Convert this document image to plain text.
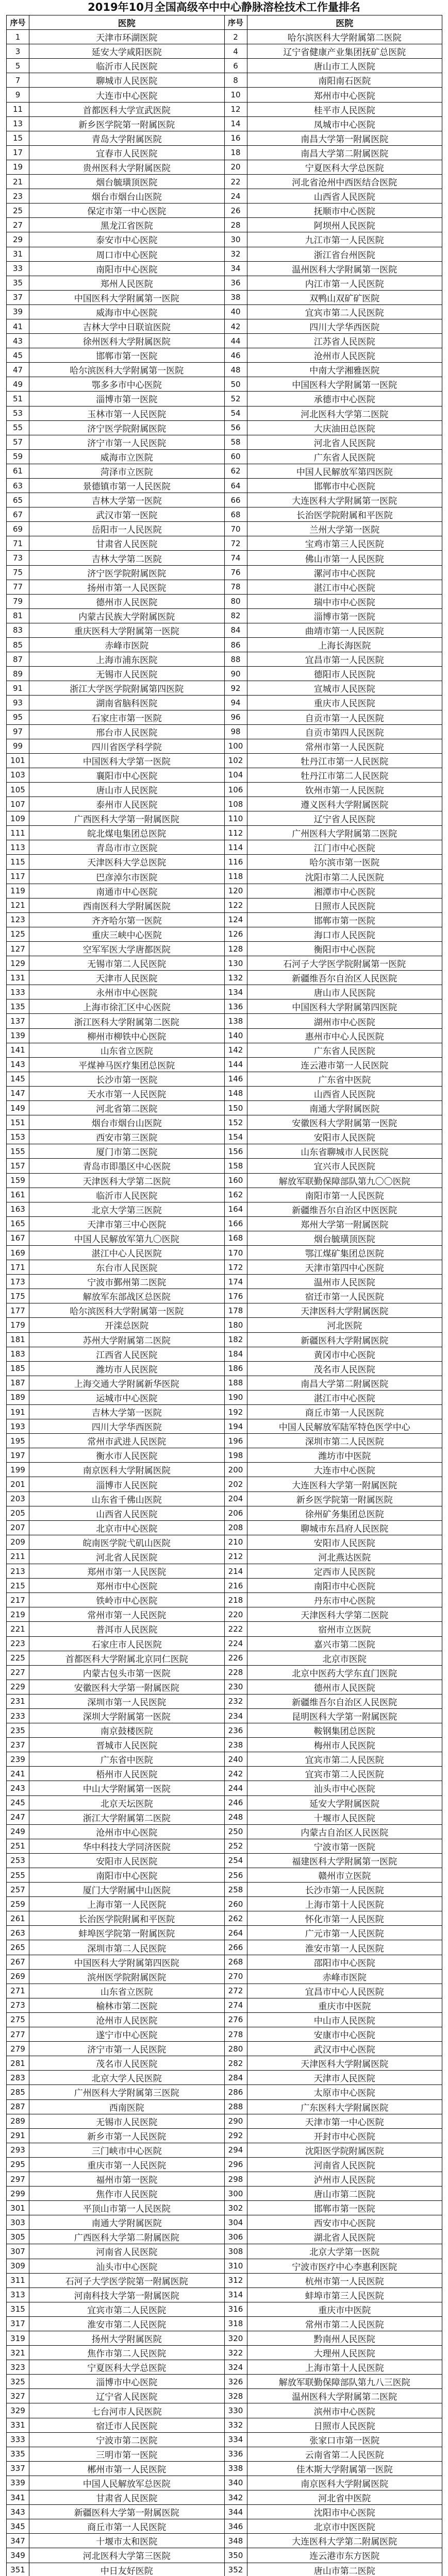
2019年10月全国高级卒中中心静脉溶栓技术工作量排名
序号	医院	序号	医院
1	天津市环湖医院	2	哈尔滨医科大学附属第二医院
3	延安大学咸阳医院	4	辽宁省健康产业集团抚矿总医院
5	临沂市人民医院	6	唐山市工人医院
7	聊城市人民医院	8	南阳南石医院
9	大连市中心医院	10	郑州市中心医院
11	首都医科大学宣武医院	12	桂平市人民医院
13	新乡医学院第一附属医院	14	凤城市中心医院
15	青岛大学附属医院	16	南昌大学第一附属医院
17	宜春市人民医院	18	南昌大学第二附属医院
19	贵州医科大学附属医院	20	宁夏医科大学总医院
21	烟台毓璜顶医院	22	河北省沧州中西医结合医院
23	烟台市烟台山医院	24	山西省人民医院
25	保定市第一中心医院	26	抚顺市中心医院
27	黑龙江省医院	28	阿坝州人民医院
29	泰安市中心医院	30	九江市第一人民医院
31	周口市中心医院	32	浙江省台州医院
33	南阳市中心医院	34	温州医科大学附属第一医院
35	郑州人民医院	36	内江市第一人民医院
37	中国医科大学附属第一医院	38	双鸭山双矿矿医院
39	威海市中心医院	40	宜宾市第二人民医院
41	吉林大学中日联谊医院	42	四川大学华西医院
43	徐州医科大学附属医院	44	江苏省人民医院
45	邯郸市第一医院	46	沧州市人民医院
47	哈尔滨医科大学附属第一医院	48	中南大学湘雅医院
49	鄂多多市中心医院	50	中国医科大学附属第一医院
51	淄博市第一医院	52	承德市中心医院
53	玉林市第一人民医院	54	河北医科大学第二医院
55	济宁医学院附属医院	56	大庆油田总医院
57	济宁市第一人民医院	58	河北省人民医院
59	威海市立医院	60	广东省人民医院
61	菏泽市立医院	62	中国人民解放军第四医院
63	景德镇市第一人民医院	64	邯郸市中心医院
65	吉林大学第一医院	66	大连医科大学附属第一医院
67	武汉市第一医院	68	长治医学院附属和平医院
69	岳阳市一人民医院	70	兰州大学第一医院
71	甘肃省人民医院	72	宝鸡市第三人民医院
73	吉林大学第二医院	74	佛山市第一人民医院
75	济宁医学院附属医院	76	漯河市中心医院
77	扬州市第一人民医院	78	湛江市中心医院
79	德州市人民医院	80	瑞中市中心医院
81	内蒙古民族大学附属医院	82	淄博市第一医院
83	重庆医科大学附属第一医院	84	曲靖市第一人民医院
85	赤峰市医院	86	上海长海医院
87	上海市浦东医院	88	宜昌市第一人民医院
89	无锡市人民医院	90	德阳市人民医院
91	浙江大学医学院附属第四医院	92	宣城市人民医院
93	湖南省脑科医院	94	重庆市人民医院
95	石家庄市第一医院	96	自贡市第一人民医院
97	邢台市人民医院	98	自贡市第四人民医院
99	四川省医学科学院	100	常州市第一人民医院
101	中国医科大学第一医院	102	牡丹江市第一人民医院
103	襄阳市中心医院	104	牡丹江市第二人民医院
105	唐山市人民医院	106	钦州市第一人民医院
107	泰州市人民医院	108	遵义医科大学附属医院
109	广西医科大学第一附属医院	110	辽宁省人民医院
111	皖北煤电集团总医院	112	广州医科大学附属第二医院
113	青岛市市立医院	114	江门市中心医院
115	天津医科大学总医院	116	哈尔滨市第一医院
117	巴彦淖尔市医院	118	沈阳市第二人民医院
119	南通市中心医院	120	湘潭市中心医院
121	西南医科大学附属医院	122	日照市人民医院
123	齐齐哈尔第一医院	124	邯郸市第一医院
125	重庆三峡中心医院	126	海口市人民医院
127	空军军医大学唐都医院	128	衡阳市中心医院
129	无锡市第二人民医院	130	石河子大学医学院附属第一医院
131	天津市人民医院	132	新疆维吾尔自治区人民医院
133	永州市中心医院	134	唐山市人民医院
135	上海市徐汇区中心医院	136	中国医科大学附属第四医院
137	浙江医科大学附属第二医院	138	湖州市中心医院
139	柳州市柳铁中心医院	140	惠州市中心人民医院
141	山东省立医院	142	广东省人民医院
143	平煤神马医疗集团总医院	144	连云港市第一人民医院
145	长沙市第一医院	146	广东省中医院
147	天水市第一人民医院	148	山西省人民医院
149	河北省第二医院	150	南通大学附属医院
151	烟台市烟台山医院	152	安徽医科大学附属第一医院
153	西安市第三医院	154	安阳市人民医院
155	厦门市第二医院	156	山东省聊城市人民医院
157	青岛市即墨区中心医院	158	宜兴市人民医院
159	天津医科大学第二医院	160	解放军联勤保障部队第九〇〇医院
161	临沂市人民医院	162	南阳市第一人民医院
163	北京大学第三医院	164	新疆维吾尔自治区中医医院
165	天津市第三中心医院	166	郑州大学第一附属医院
167	中国人民解放军第九〇医院	168	烟台毓璜顶医院
169	湛江中心人民医院	170	鄂江煤矿集团总医院
171	东台市人民医院	172	天津市第四中心医院
173	宁波市鄞州第二医院	174	温州市人民医院
175	解放军东部战区总医院	176	宿迁市第一人民医院
177	哈尔滨医科大学附属第一医院	178	天津医科大学附属医院
179	开滦总医院	180	河北医院
181	苏州大学附属第二医院	182	新疆医科大学附属医院
183	江西省人民医院	184	黄冈市中心医院
185	潍坊市人民医院	186	茂名市人民医院
187	上海交通大学附属新华医院	188	南昌大学第二附属医院
189	运城市中心医院	190	湛江市中心医院
191	吉林大学第一医院	192	商丘市第一人民医院
193	四川大学华西医院	194	中国人民解放军陆军特色医学中心
195	常州市武进人民医院	196	深圳市第二人民医院
197	衡水市人民医院	198	潍坊市中医院
199	南京医科大学附属医院	200	大连市中心医院
201	淄博市人民医院	202	大连医科大学第一附属医院
203	山东省千佛山医院	204	新乡医学院第一附属医院
205	山西省人民医院	206	徐州矿务集团总医院
207	北京市中心医院	208	聊城市东昌府人民医院
209	皖南医学院弋矶山医院	210	安阳市人民医院
211	河北省人民医院	212	河北燕达医院
213	郑州市第一人民医院	214	定西市人民医院
215	郑州市中心医院	216	南阳市中心医院
217	铁岭市中心医院	218	丹东市中心医院
219	常州市第一人民医院	220	天津医科大学第二医院
221	普洱市人民医院	222	宿州市立医院
223	石家庄市人民医院	224	嘉兴市第二医院
225	首都医科大学附属北京同仁医院	226	北京市医院
227	内蒙古包头市第一医院	228	北京中医药大学东直门医院
229	安徽医科大学第一附属医院	230	德州市人民医院
231	深圳市第一人民医院	232	新疆维吾尔自治区人民医院
233	深圳大学附属第一医院	234	昆明医科大学第一附属医院
235	南京鼓楼医院	236	鞍钢集团总医院
237	晋城市人民医院	238	梅州市人民医院
239	广东省中医院	240	宜宾市第二人民医院
241	梧州市人民医院	242	宜宾市第二人民医院
243	中山大学附属第一医院	244	汕头市中心医院
245	北京天坛医院	246	延安大学附属医院
247	浙江大学附属第二医院	248	十堰市人民医院
249	沧州市中心医院	250	内蒙古自治区人民医院
251	华中科技大学同济医院	252	宁波市第一医院
253	安阳市人民医院	254	福建医科大学附属第一医院
255	南阳市中心医院	256	赣州市立医院
257	厦门大学附属中山医院	258	长沙市第一人民医院
259	上海市第一人民医院	260	上海市第十人民医院
261	长治医学院附属和平医院	262	怀化市第一人民医院
263	蚌埠医学院第一附属医院	264	广元市第一人民医院
265	深圳市第二人民医院	266	淮安市第一人民医院
267	中国医科大学附属第四医院	268	邵阳市中心医院
269	滨州医学院附属医院	270	赤峰市医院
271	山东省立医院	272	宜昌市中心人民医院
273	榆林市第二医院	274	重庆市中医院
275	沧州市人民医院	276	中山市人民医院
277	遂宁市中心医院	278	安康市中心医院
279	济宁市第一人民医院	280	武汉市中心医院
281	茂名市人民医院	282	天津医科大学附属医院
283	北京大学人民医院	284	天津市人民医院
285	广州医科大学附属第三医院	286	太原市中心医院
287	西南医院	288	广东医科大学附属医院
289	无锡市人民医院	290	天津市第一中心医院
291	新乡市第一人民医院	292	开封市中心医院
293	三门峡市中心医院	294	沈阳医学院附属医院
295	重庆市第一人民医院	296	河南省人民医院
297	福州市第一医院	298	泸州市人民医院
299	焦作市人民医院	300	唐山市第二医院
301	平顶山市第一人民医院	302	邯郸市第一医院
303	南通大学附属医院	304	西安市中心医院
305	广西医科大学第二附属医院	306	湖北省人民医院
307	河南省人民医院	308	北京大学第一医院
309	汕头市中心医院	310	宁波市医疗中心李惠利医院
311	石河子大学医学院第一附属医院	312	杭州市第一人民医院
313	河南科技大学第一附属医院	314	蚌埠市第三人民医院
315	宜宾市第二人民医院	316	重庆市中医院
317	淮安市第二人民医院	318	常州市第二人民医院
319	扬州大学附属医院	320	黔南州人民医院
321	焦作市第二人民医院	322	大理州人民医院
323	宁夏医科大学总医院	324	上海市第十人民医院
325	淄博市中心医院	326	解放军联勤保障部队第九八三医院
327	辽宁省人民医院	328	温州医科大学附属第二医院
329	七台河市人民医院	330	滨州市中心医院
331	宿迁市人民医院	332	日照市人民医院
333	宁波市第二医院	334	张家口市第一医院
335	三明市第一医院	336	云南省第二人民医院
337	郴州市第一人民医院	338	佳木斯大学附属第一医院
339	中国人民解放军总医院	340	南京医科大学附属医院
341	甘肃省人民医院	342	河北省中医院
343	新疆医科大学第一附属医院	344	沈阳市中心医院
345	商丘市第一人民医院	346	北京市中医医院
347	十堰市太和医院	348	大连医科大学第二附属医院
349	河北医科大学第三医院	350	连云港市东方医院
351	中日友好医院	352	唐山市第二医院
